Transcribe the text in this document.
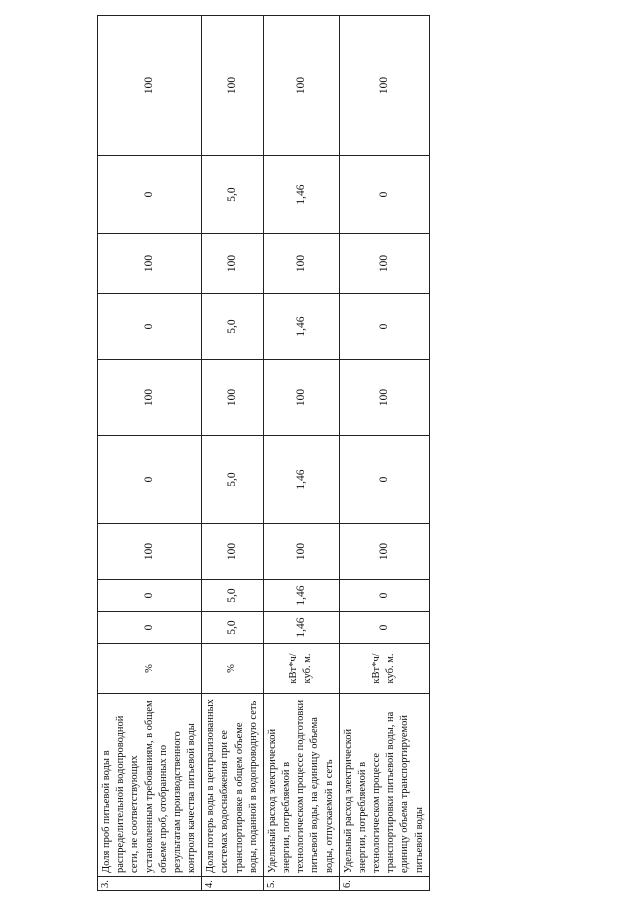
3.	Доля проб питьевой воды в распределительной водопроводной сети, не соответствующих установленным требованиям, в общем объеме проб, отобранных по результатам производственного контроля качества питьевой воды	%	0	0	100	0	100	0	100	0	100
4.	Доля потерь воды в централизованных системах водоснабжения при ее транспортировке в общем объеме воды, поданной в водопроводную сеть	%	5,0	5,0	100	5,0	100	5,0	100	5,0	100
5.	Удельный расход электрической энергии, потребляемой в технологическом процессе подготовки питьевой воды, на единицу объема воды, отпускаемой в сеть	кВт*ч/куб. м.	1,46	1,46	100	1,46	100	1,46	100	1,46	100
6.	Удельный расход электрической энергии, потребляемой в технологическом процессе транспортировки питьевой воды, на единицу объема транспортируемой питьевой воды	кВт*ч/куб. м.	0	0	100	0	100	0	100	0	100
